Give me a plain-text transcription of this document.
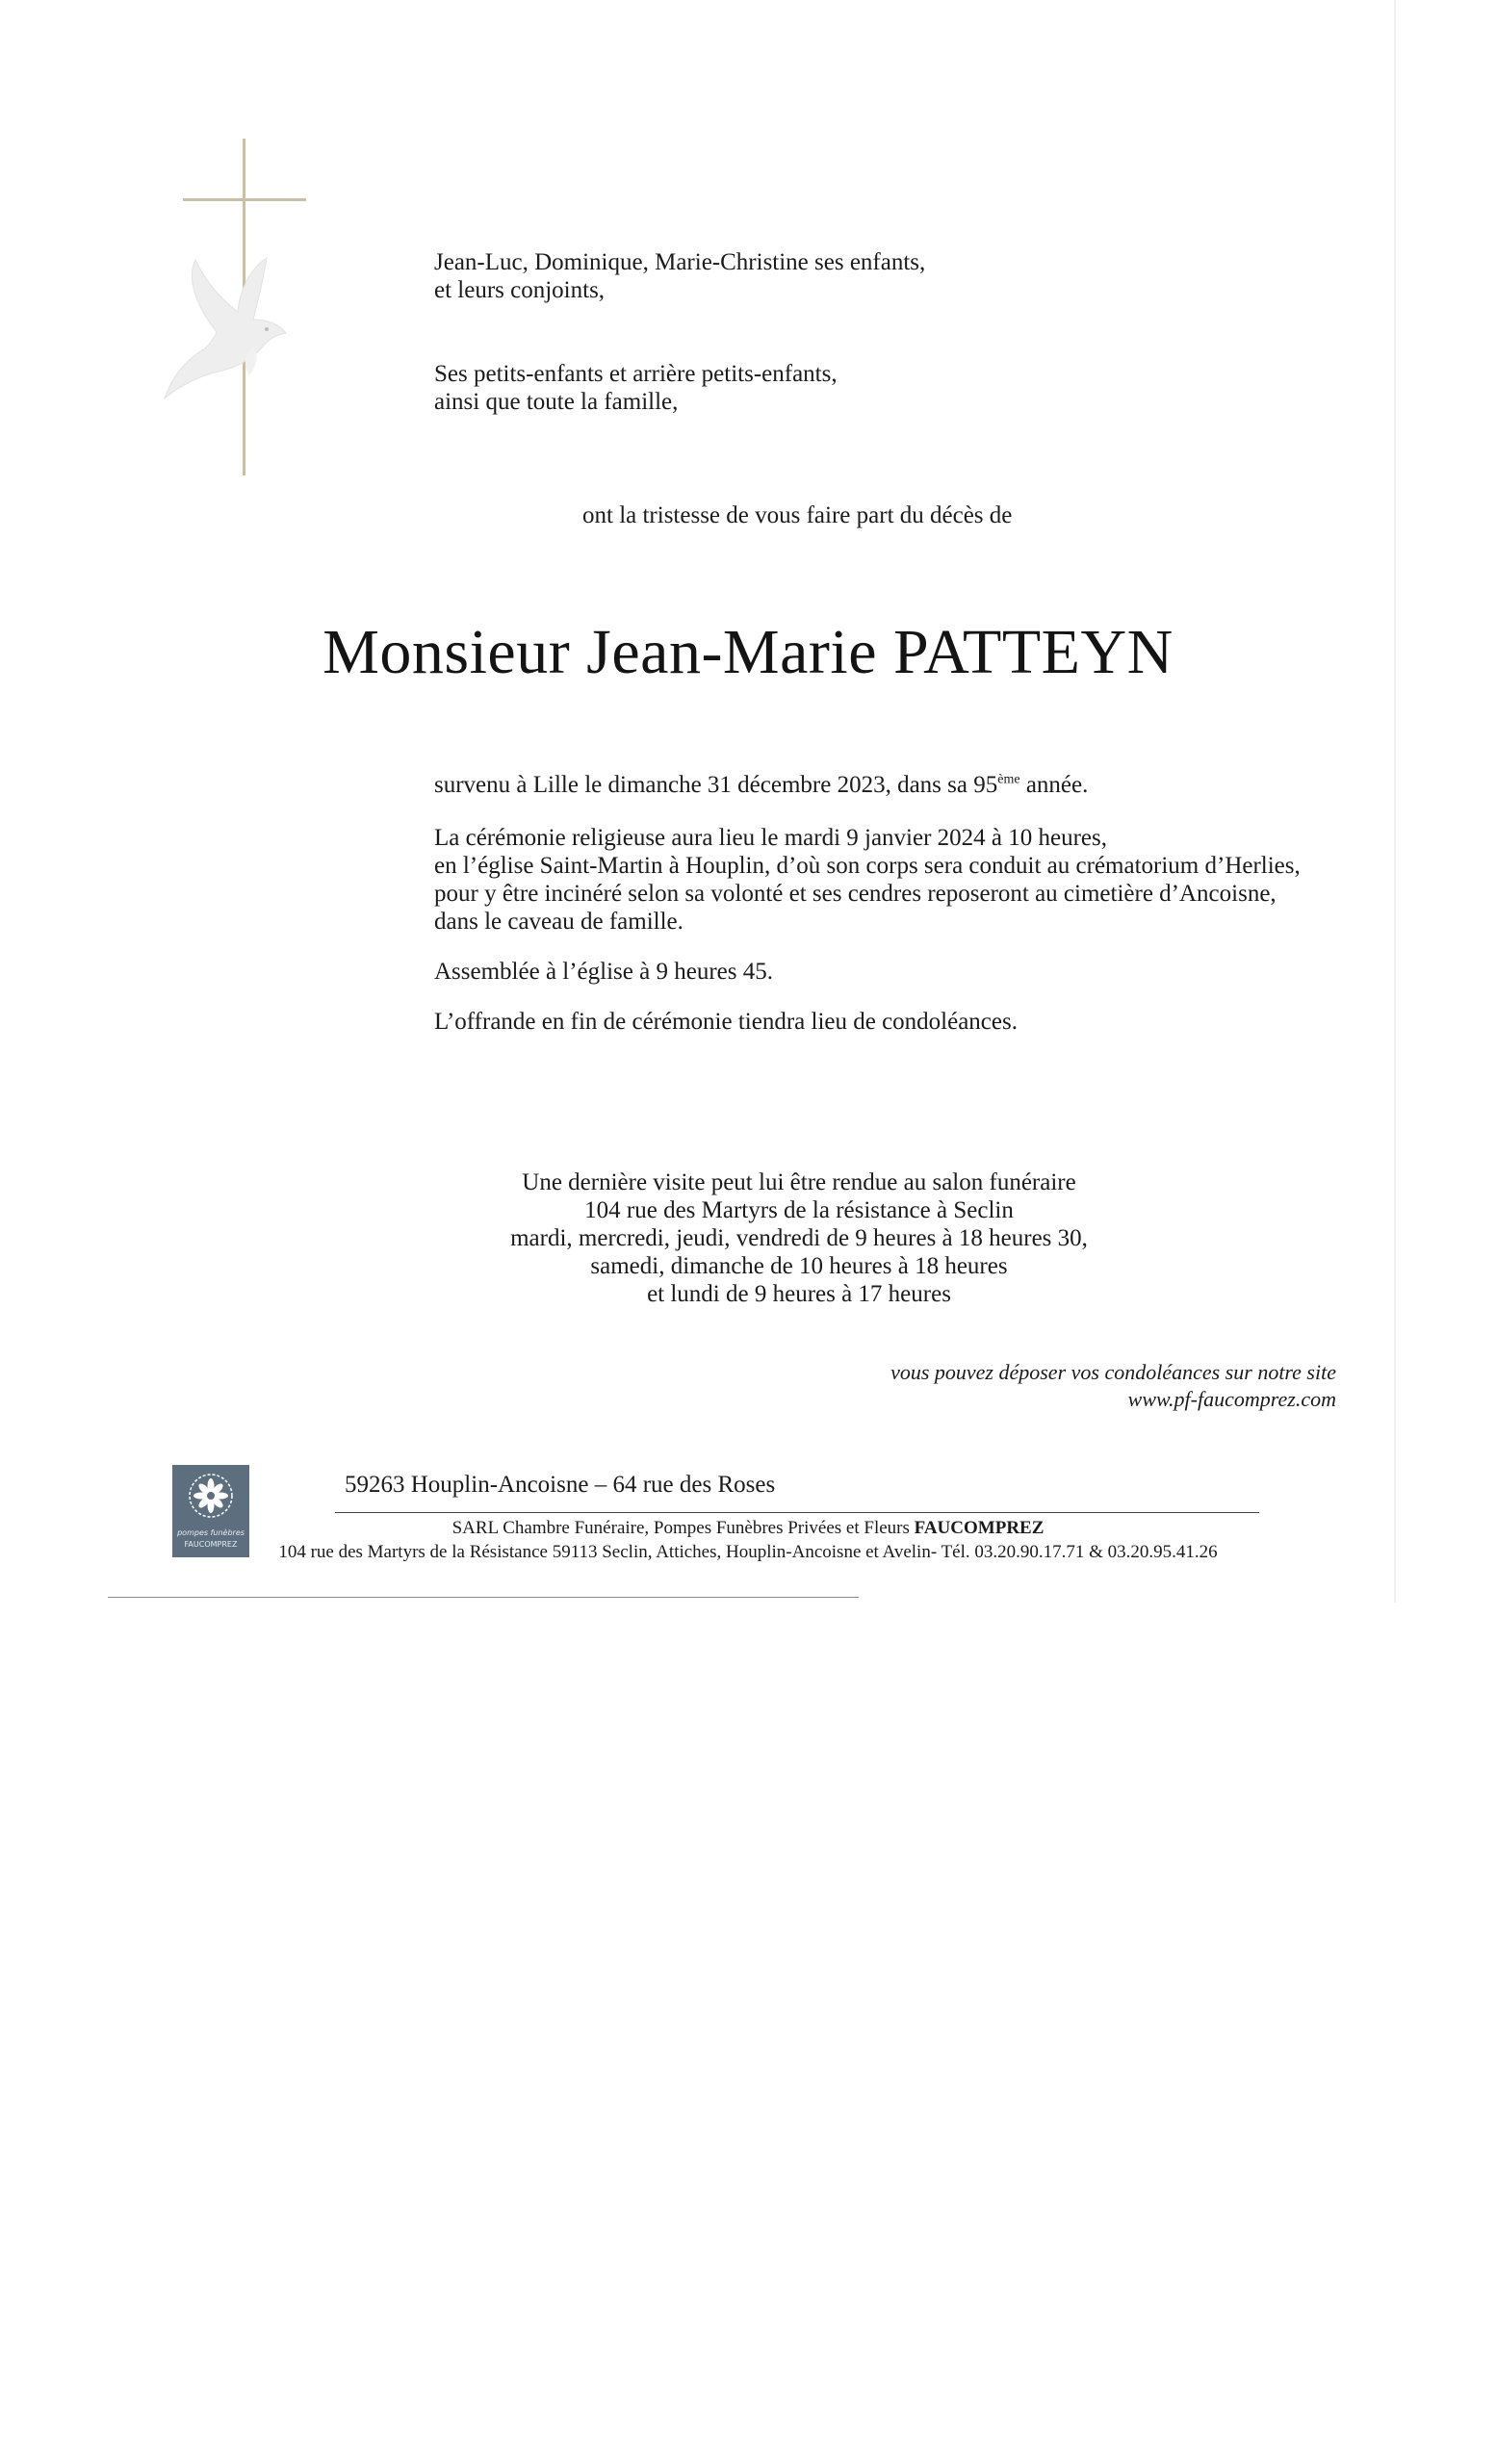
Jean-Luc, Dominique, Marie-Christine ses enfants,
et leurs conjoints,
Ses petits-enfants et arrière petits-enfants,
ainsi que toute la famille,
ont la tristesse de vous faire part du décès de
Monsieur Jean-Marie PATTEYN
survenu à Lille le dimanche 31 décembre 2023, dans sa 95ème année.
La cérémonie religieuse aura lieu le mardi 9 janvier 2024 à 10 heures,
en l’église Saint-Martin à Houplin, d’où son corps sera conduit au crématorium d’Herlies,
pour y être incinéré selon sa volonté et ses cendres reposeront au cimetière d’Ancoisne,
dans le caveau de famille.
Assemblée à l’église à 9 heures 45.
L’offrande en fin de cérémonie tiendra lieu de condoléances.
Une dernière visite peut lui être rendue au salon funéraire
104 rue des Martyrs de la résistance à Seclin
mardi, mercredi, jeudi, vendredi de 9 heures à 18 heures 30,
samedi, dimanche de 10 heures à 18 heures
et lundi de 9 heures à 17 heures
vous pouvez déposer vos condoléances sur notre site
www.pf-faucomprez.com
pompes funèbres
FAUCOMPREZ
59263 Houplin-Ancoisne – 64 rue des Roses
SARL Chambre Funéraire, Pompes Funèbres Privées et Fleurs FAUCOMPREZ
104 rue des Martyrs de la Résistance 59113 Seclin, Attiches, Houplin-Ancoisne et Avelin- Tél. 03.20.90.17.71 & 03.20.95.41.26
